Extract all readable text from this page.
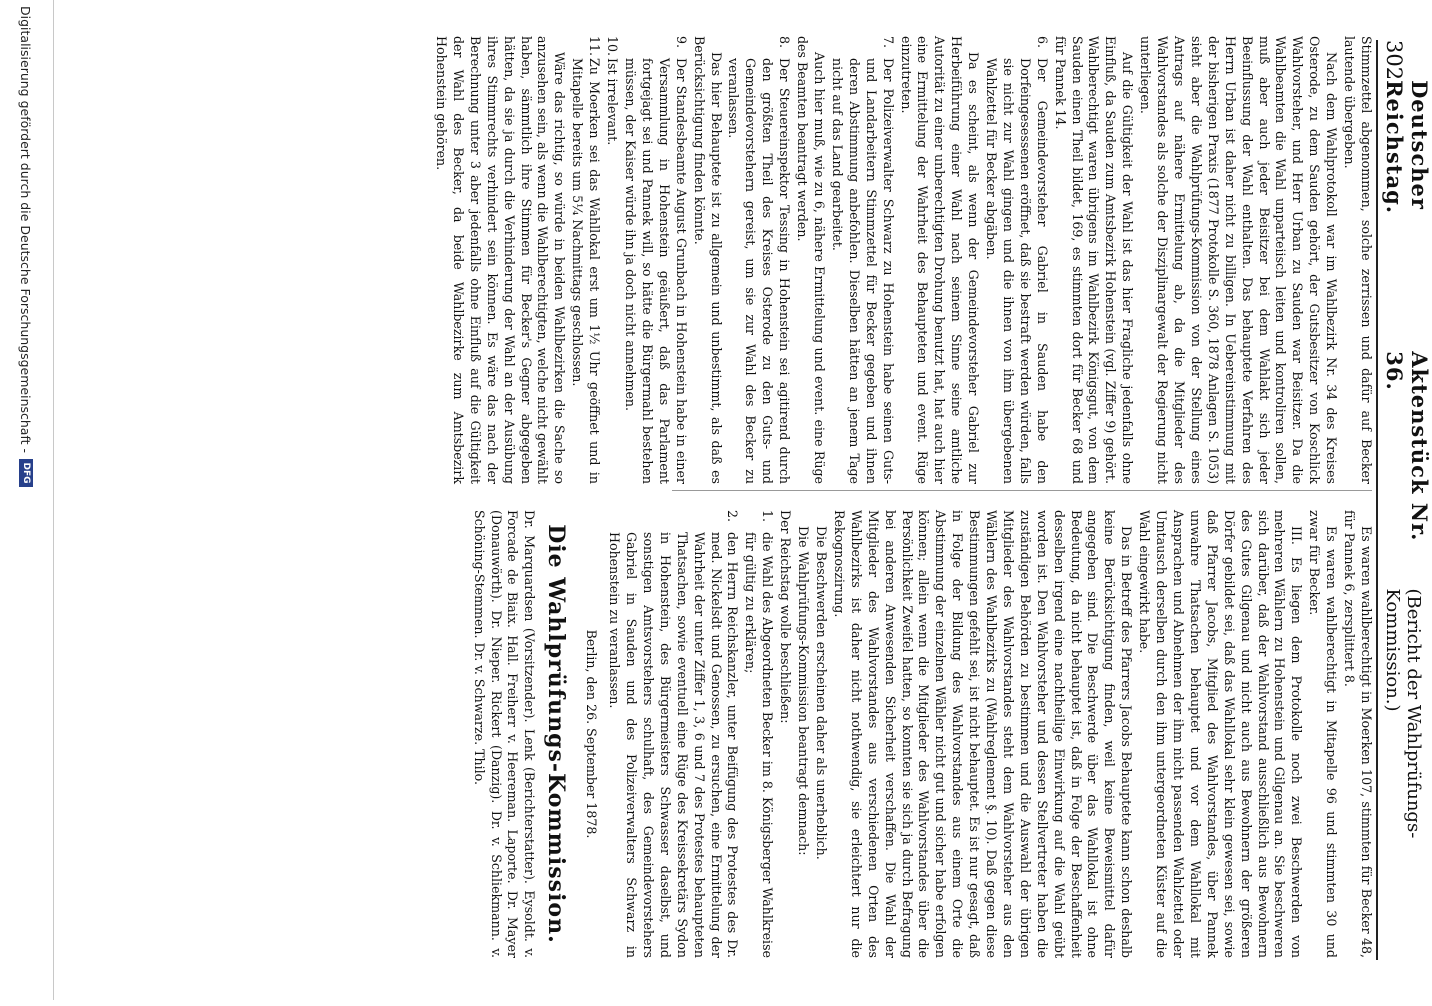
302
Deutscher Reichstag.
Aktenstück Nr. 36.
(Bericht der Wahlprüfungs-Kommission.)

Stimmzettel abgenommen, solche zerrissen und dafür auf Becker lautende übergeben.

Nach dem Wahlprotokoll war im Wahlbezirk Nr. 34 des Kreises Osterode, zu dem Sauden gehört, der Gutsbesitzer von Koschlick Wahlvorsteher, und Herr Urban zu Sauden war Beisitzer. Da die Wahlbeamten die Wahl unparteiisch leiten und kontroliren sollen, muß aber auch jeder Beisitzer bei dem Wahlakt sich jeder Beeinflussung der Wahl enthalten. Das behauptete Verfahren des Herrn Urban ist daher nicht zu billigen. In Uebereinstimmung mit der bisherigen Praxis (1877 Protokolle S. 360, 1878 Anlagen S. 1053) sieht aber die Wahlprüfungs-Kommission von der Stellung eines Antrags auf nähere Ermittelung ab, da die Mitglieder des Wahlvorstandes als solche der Disziplinargewalt der Regierung nicht unterliegen.

Auf die Gültigkeit der Wahl ist das hier Fragliche jedenfalls ohne Einfluß, da Sauden zum Amtsbezirk Hohenstein (vgl. Ziffer 9) gehört. Wahlberechtigt waren übrigens im Wahlbezirk Königsgut, von dem Sauden einen Theil bildet, 169, es stimmten dort für Becker 68 und für Pannek 14.

6.
Der Gemeindevorsteher Gabriel in Sauden habe den Dorfeingesessenen eröffnet, daß sie bestraft werden würden, falls sie nicht zur Wahl gingen und die ihnen von ihm übergebenen Wahlzettel für Becker abgäben.

Da es scheint, als wenn der Gemeindevorsteher Gabriel zur Herbeiführung einer Wahl nach seinem Sinne seine amtliche Autorität zu einer unberechtigten Drohung benutzt hat, hat auch hier eine Ermittelung der Wahrheit des Behaupteten und event. Rüge einzutreten.

7.
Der Polizeiverwalter Schwarz zu Hohenstein habe seinen Guts- und Landarbeitern Stimmzettel für Becker gegeben und ihnen deren Abstimmung anbefohlen. Dieselben hätten an jenem Tage nicht auf das Land gearbeitet.

Auch hier muß, wie zu 6, nähere Ermittelung und event. eine Rüge des Beamten beantragt werden.

8.
Der Steuereinspektor Tessing in Hohenstein sei agitirend durch den größten Theil des Kreises Osterode zu den Guts- und Gemeindevorstehern gereist, um sie zur Wahl des Becker zu veranlassen.

Das hier Behauptete ist zu allgemein und unbestimmt, als daß es Berücksichtigung finden könnte.

9.
Der Standesbeamte August Grunbach in Hohenstein habe in einer Versammlung in Hohenstein geäußert, daß das Parlament fortgejagt sei und Pannek will, so hätte die Bürgermahl bestehen müssen, der Kaiser würde ihn ja doch nicht annehmen.

10.
Ist irrelevant.

11.
Zu Moerken sei das Wahllokal erst um 1½ Uhr geöffnet und in Mitapelle bereits um 5¼ Nachmittags geschlossen.

Wäre das richtig, so würde in beiden Wahlbezirken die Sache so anzusehen sein, als wenn die Wahlberechtigten, welche nicht gewählt haben, sämmtlich ihre Stimmen für Becker's Gegner abgegeben hätten, da sie ja durch die Verhinderung der Wahl an der Ausübung ihres Stimmrechts verhindert sein können. Es wäre das nach der Berechnung unter 3 aber jedenfalls ohne Einfluß auf die Gültigkeit der Wahl des Becker, da beide Wahlbezirke zum Amtsbezirk Hohenstein gehören.

Es waren wahlberechtigt in Moerken 107, stimmten für Becker 48, für Pannek 6, zersplittert 8.

Es waren wahlberechtigt in Mitapelle 96 und stimmten 30 und zwar für Becker.

III. Es liegen dem Protokolle noch zwei Beschwerden von mehreren Wählern zu Hohenstein und Gilgenau an. Sie beschweren sich darüber, daß der Wahlvorstand ausschließlich aus Bewohnern des Gutes Gilgenau und nicht auch aus Bewohnern der größeren Dörfer gebildet sei, daß das Wahllokal sehr klein gewesen sei, sowie daß Pfarrer Jacobs, Mitglied des Wahlvorstandes, über Pannek unwahre Thatsachen behauptet und vor dem Wahllokal mit Ansprachen und Abnehmen der ihm nicht passenden Wahlzettel oder Umtausch derselben durch den ihm untergeordneten Küster auf die Wahl eingewirkt habe.

Das in Betreff des Pfarrers Jacobs Behauptete kann schon deshalb keine Berücksichtigung finden, weil keine Beweismittel dafür angegeben sind. Die Beschwerde über das Wahllokal ist ohne Bedeutung, da nicht behauptet ist, daß in Folge der Beschaffenheit desselben irgend eine nachtheilige Einwirkung auf die Wahl geübt worden ist. Den Wahlvorsteher und dessen Stellvertreter haben die zuständigen Behörden zu bestimmen und die Auswahl der übrigen Mitglieder des Wahlvorstandes steht dem Wahlvorsteher aus den Wählern des Wahlbezirks zu (Wahlreglement §. 10). Daß gegen diese Bestimmungen gefehlt sei, ist nicht behauptet. Es ist nur gesagt, daß in Folge der Bildung des Wahlvorstandes aus einem Orte die Abstimmung der einzelnen Wähler nicht gut und sicher habe erfolgen können; allein wenn die Mitglieder des Wahlvorstandes über die Persönlichkeit Zweifel hatten, so konnten sie sich ja durch Befragung bei anderen Anwesenden Sicherheit verschaffen. Die Wahl der Mitglieder des Wahlvorstandes aus verschiedenen Orten des Wahlbezirks ist daher nicht nothwendig, sie erleichtert nur die Rekognoszirung.

Die Beschwerden erscheinen daher als unerheblich.

Die Wahlprüfungs-Kommission beantragt demnach:

Der Reichstag wolle beschließen:

1.
die Wahl des Abgeordneten Becker im 8. Königsberger Wahlkreise für gültig zu erklären;

2.
den Herrn Reichskanzler, unter Beifügung des Protestes des Dr. med. Nickelsdt und Genossen, zu ersuchen, eine Ermittelung der Wahrheit der unter Ziffer 1, 3, 6 und 7 des Protestes behaupteten Thatsachen, sowie eventuell eine Rüge des Kreissekretärs Sydon in Hohenstein, des Bürgermeisters Schwasser daselbst, und sonstigen Amtsvorstehers schulhaft, des Gemeindevorstehers Gabriel in Sauden und des Polizeiverwalters Schwarz in Hohenstein zu veranlassen.

Berlin, den 26. September 1878.

Die Wahlprüfungs-Kommission.

Dr. Marquardsen (Vorsitzender). Lenk (Berichterstatter). Eysoldt. v. Forcade de Biaix. Hall. Freiherr v. Heereman. Laporte. Dr. Mayer (Donauwörth). Dr. Nieper. Rickert (Danzig). Dr. v. Schliekmann. v. Schöning-Stemmen. Dr. v. Schwarze. Thilo.

Digitalisierung gefördert durch die Deutsche Forschungsgemeinschaft -
DFG
